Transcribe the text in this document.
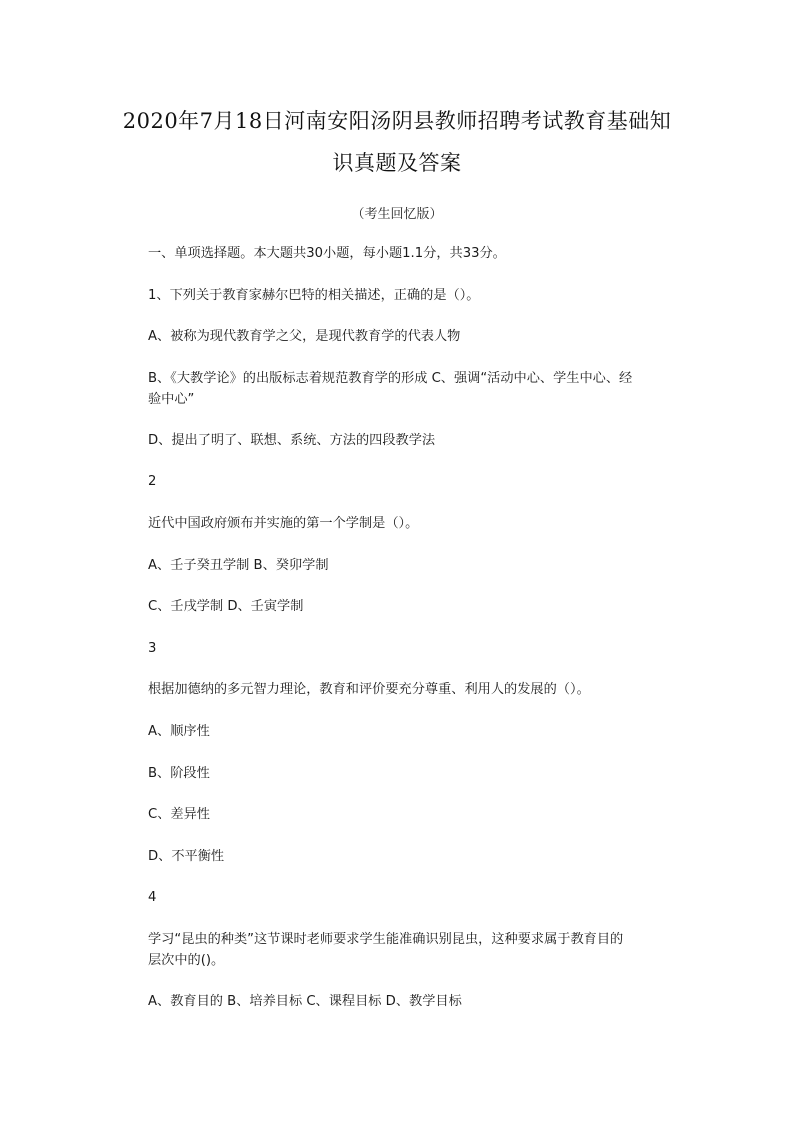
2020年7月18日河南安阳汤阴县教师招聘考试教育基础知
识真题及答案
（考生回忆版）
一、单项选择题。本大题共30小题，每小题1.1分，共33分。
1、下列关于教育家赫尔巴特的相关描述，正确的是（）。
A、被称为现代教育学之父，是现代教育学的代表人物
B、《大教学论》的出版标志着规范教育学的形成 C、强调“活动中心、学生中心、经
验中心”
D、提出了明了、联想、系统、方法的四段教学法
2
近代中国政府颁布并实施的第一个学制是（）。
A、壬子癸丑学制 B、癸卯学制
C、壬戌学制 D、壬寅学制
3
根据加德纳的多元智力理论，教育和评价要充分尊重、利用人的发展的（）。
A、顺序性
B、阶段性
C、差异性
D、不平衡性
4
学习“昆虫的种类”这节课时老师要求学生能准确识别昆虫，这种要求属于教育目的
层次中的()。
A、教育目的 B、培养目标 C、课程目标 D、教学目标
